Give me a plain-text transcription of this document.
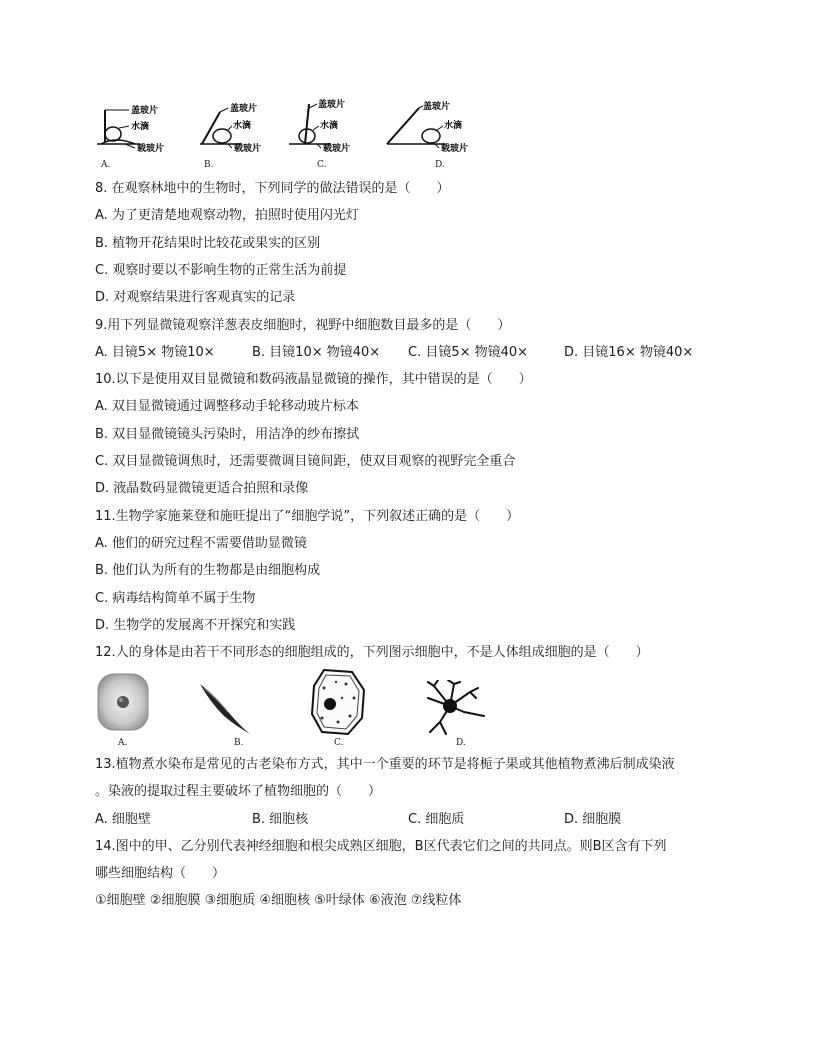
盖玻片
水滴
载玻片
A.
盖玻片
水滴
载玻片
B.
盖玻片
水滴
载玻片
C.
盖玻片
水滴
载玻片
D.
8. 在观察林地中的生物时，下列同学的做法错误的是（　　）
A. 为了更清楚地观察动物，拍照时使用闪光灯
B. 植物开花结果时比较花或果实的区别
C. 观察时要以不影响生物的正常生活为前提
D. 对观察结果进行客观真实的记录
9.用下列显微镜观察洋葱表皮细胞时，视野中细胞数目最多的是（　　）
A. 目镜5× 物镜10×	B. 目镜10× 物镜40× C. 目镜5× 物镜40×	D. 目镜16× 物镜40×
10.以下是使用双目显微镜和数码液晶显微镜的操作，其中错误的是（　　）
A. 双目显微镜通过调整移动手轮移动玻片标本
B. 双目显微镜镜头污染时，用洁净的纱布擦拭
C. 双目显微镜调焦时，还需要微调目镜间距，使双目观察的视野完全重合
D. 液晶数码显微镜更适合拍照和录像
11.生物学家施莱登和施旺提出了“细胞学说”，下列叙述正确的是（　　）
A. 他们的研究过程不需要借助显微镜
B. 他们认为所有的生物都是由细胞构成
C. 病毒结构简单不属于生物
D. 生物学的发展离不开探究和实践
12.人的身体是由若干不同形态的细胞组成的，下列图示细胞中，不是人体组成细胞的是（　　）
A.	B.	C.	D.
13.植物煮水染布是常见的古老染布方式，其中一个重要的环节是将栀子果或其他植物煮沸后制成染液
。染液的提取过程主要破坏了植物细胞的（　　）
A. 细胞壁	B. 细胞核	C. 细胞质	D. 细胞膜
14.图中的甲、乙分别代表神经细胞和根尖成熟区细胞，B区代表它们之间的共同点。则B区含有下列
哪些细胞结构（　　）
①细胞壁 ②细胞膜 ③细胞质 ④细胞核 ⑤叶绿体 ⑥液泡 ⑦线粒体
